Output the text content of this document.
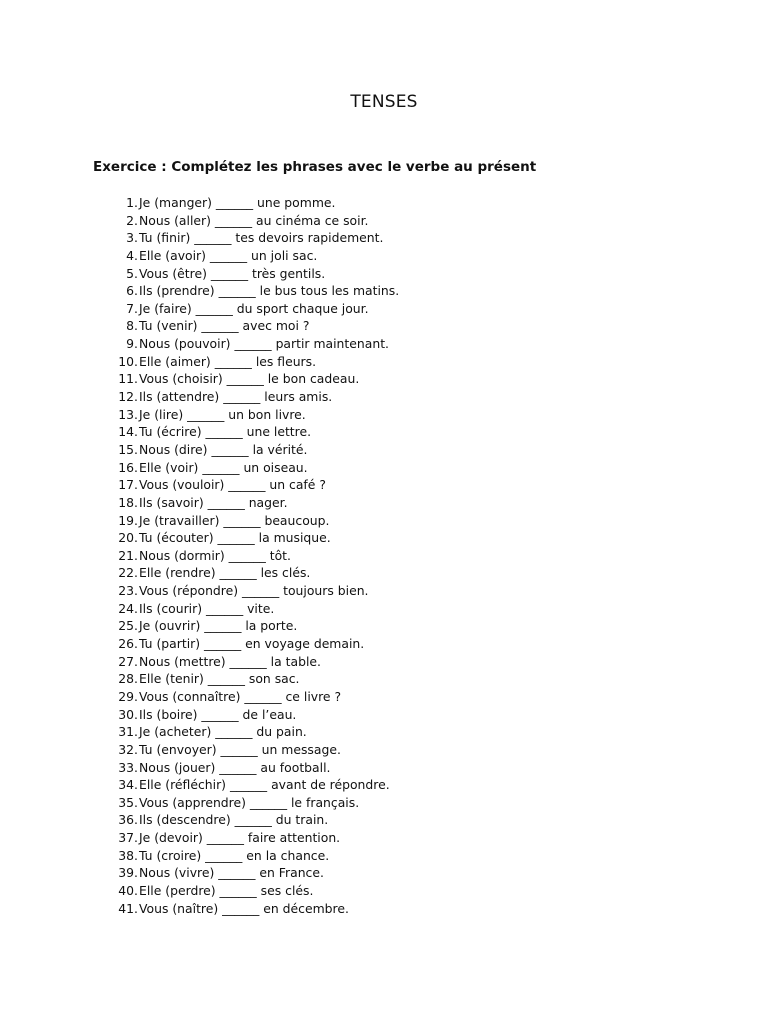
TENSES
Exercice : Complétez les phrases avec le verbe au présent
1. Je (manger) ______ une pomme.
2. Nous (aller) ______ au cinéma ce soir.
3. Tu (finir) ______ tes devoirs rapidement.
4. Elle (avoir) ______ un joli sac.
5. Vous (être) ______ très gentils.
6. Ils (prendre) ______ le bus tous les matins.
7. Je (faire) ______ du sport chaque jour.
8. Tu (venir) ______ avec moi ?
9. Nous (pouvoir) ______ partir maintenant.
10. Elle (aimer) ______ les fleurs.
11. Vous (choisir) ______ le bon cadeau.
12. Ils (attendre) ______ leurs amis.
13. Je (lire) ______ un bon livre.
14. Tu (écrire) ______ une lettre.
15. Nous (dire) ______ la vérité.
16. Elle (voir) ______ un oiseau.
17. Vous (vouloir) ______ un café ?
18. Ils (savoir) ______ nager.
19. Je (travailler) ______ beaucoup.
20. Tu (écouter) ______ la musique.
21. Nous (dormir) ______ tôt.
22. Elle (rendre) ______ les clés.
23. Vous (répondre) ______ toujours bien.
24. Ils (courir) ______ vite.
25. Je (ouvrir) ______ la porte.
26. Tu (partir) ______ en voyage demain.
27. Nous (mettre) ______ la table.
28. Elle (tenir) ______ son sac.
29. Vous (connaître) ______ ce livre ?
30. Ils (boire) ______ de l’eau.
31. Je (acheter) ______ du pain.
32. Tu (envoyer) ______ un message.
33. Nous (jouer) ______ au football.
34. Elle (réfléchir) ______ avant de répondre.
35. Vous (apprendre) ______ le français.
36. Ils (descendre) ______ du train.
37. Je (devoir) ______ faire attention.
38. Tu (croire) ______ en la chance.
39. Nous (vivre) ______ en France.
40. Elle (perdre) ______ ses clés.
41. Vous (naître) ______ en décembre.
